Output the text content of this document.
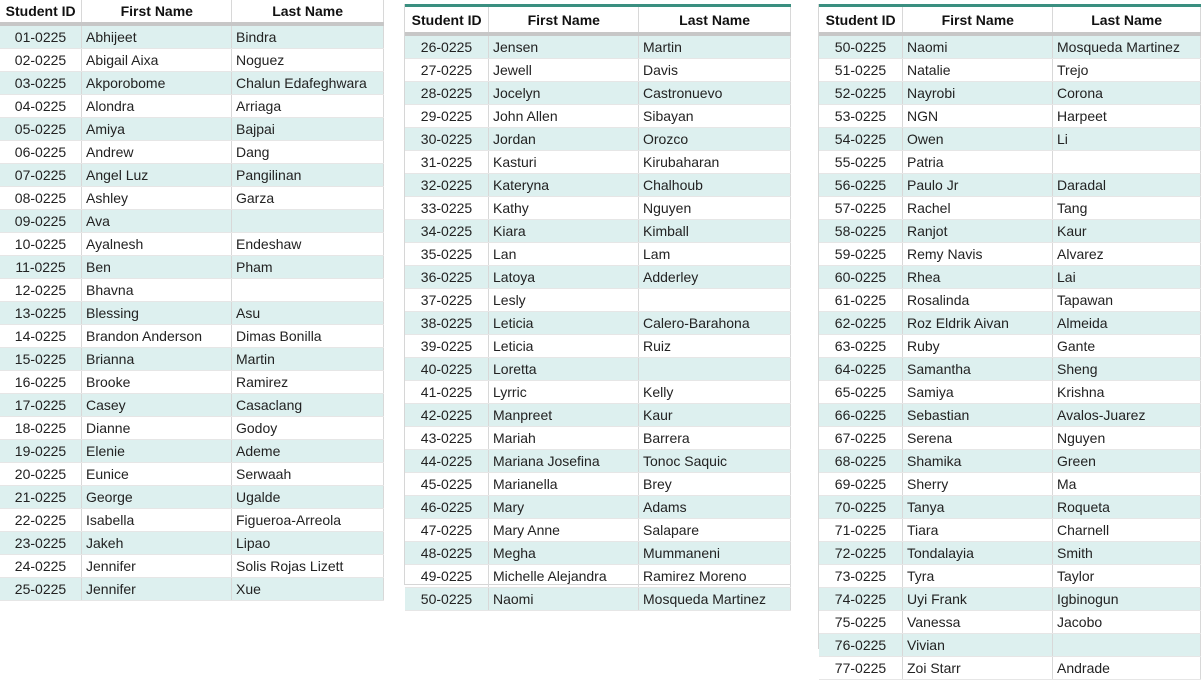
Student ID	First Name	Last Name
01-0225	Abhijeet	Bindra
02-0225	Abigail Aixa	Noguez
03-0225	Akporobome	Chalun Edafeghwara
04-0225	Alondra	Arriaga
05-0225	Amiya	Bajpai
06-0225	Andrew	Dang
07-0225	Angel Luz	Pangilinan
08-0225	Ashley	Garza
09-0225	Ava
10-0225	Ayalnesh	Endeshaw
11-0225	Ben	Pham
12-0225	Bhavna
13-0225	Blessing	Asu
14-0225	Brandon Anderson	Dimas Bonilla
15-0225	Brianna	Martin
16-0225	Brooke	Ramirez
17-0225	Casey	Casaclang
18-0225	Dianne	Godoy
19-0225	Elenie	Ademe
20-0225	Eunice	Serwaah
21-0225	George	Ugalde
22-0225	Isabella	Figueroa-Arreola
23-0225	Jakeh	Lipao
24-0225	Jennifer	Solis Rojas Lizett
25-0225	Jennifer	Xue
Student ID	First Name	Last Name
26-0225	Jensen	Martin
27-0225	Jewell	Davis
28-0225	Jocelyn	Castronuevo
29-0225	John Allen	Sibayan
30-0225	Jordan	Orozco
31-0225	Kasturi	Kirubaharan
32-0225	Kateryna	Chalhoub
33-0225	Kathy	Nguyen
34-0225	Kiara	Kimball
35-0225	Lan	Lam
36-0225	Latoya	Adderley
37-0225	Lesly
38-0225	Leticia	Calero-Barahona
39-0225	Leticia	Ruiz
40-0225	Loretta
41-0225	Lyrric	Kelly
42-0225	Manpreet	Kaur
43-0225	Mariah	Barrera
44-0225	Mariana Josefina	Tonoc Saquic
45-0225	Marianella	Brey
46-0225	Mary	Adams
47-0225	Mary Anne	Salapare
48-0225	Megha	Mummaneni
49-0225	Michelle Alejandra	Ramirez Moreno
50-0225	Naomi	Mosqueda Martinez
Student ID	First Name	Last Name
50-0225	Naomi	Mosqueda Martinez
51-0225	Natalie	Trejo
52-0225	Nayrobi	Corona
53-0225	NGN	Harpeet
54-0225	Owen	Li
55-0225	Patria
56-0225	Paulo Jr	Daradal
57-0225	Rachel	Tang
58-0225	Ranjot	Kaur
59-0225	Remy Navis	Alvarez
60-0225	Rhea	Lai
61-0225	Rosalinda	Tapawan
62-0225	Roz Eldrik Aivan	Almeida
63-0225	Ruby	Gante
64-0225	Samantha	Sheng
65-0225	Samiya	Krishna
66-0225	Sebastian	Avalos-Juarez
67-0225	Serena	Nguyen
68-0225	Shamika	Green
69-0225	Sherry	Ma
70-0225	Tanya	Roqueta
71-0225	Tiara	Charnell
72-0225	Tondalayia	Smith
73-0225	Tyra	Taylor
74-0225	Uyi Frank	Igbinogun
75-0225	Vanessa	Jacobo
76-0225	Vivian
77-0225	Zoi Starr	Andrade
